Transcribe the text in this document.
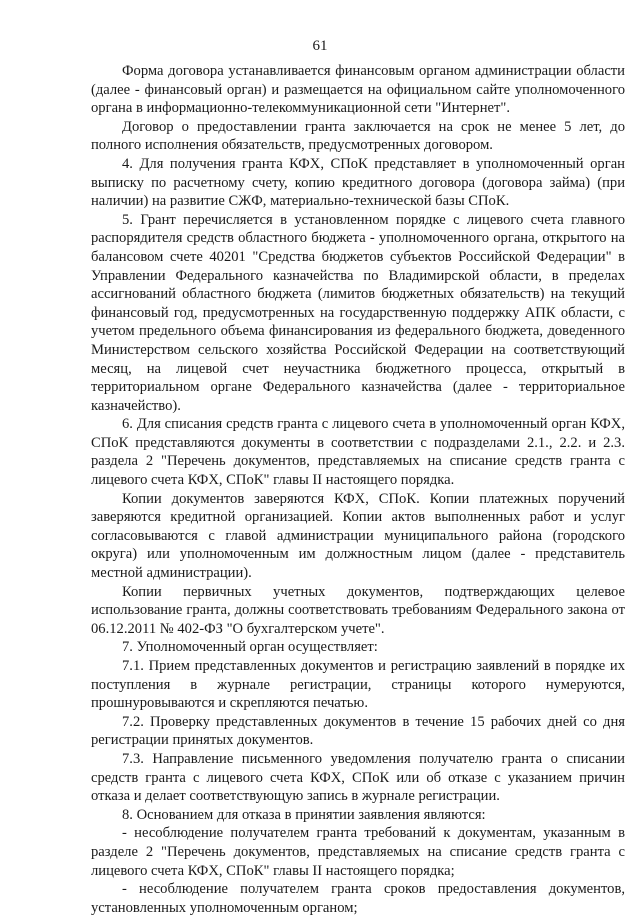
61

Форма договора устанавливается финансовым органом администрации области (далее - финансовый орган) и размещается на официальном сайте уполномоченного органа в информационно-телекоммуникационной сети "Интернет".

Договор о предоставлении гранта заключается на срок не менее 5 лет, до полного исполнения обязательств, предусмотренных договором.

4. Для получения гранта КФХ, СПоК представляет в уполномоченный орган выписку по расчетному счету, копию кредитного договора (договора займа) (при наличии) на развитие СЖФ, материально-технической базы СПоК.

5. Грант перечисляется в установленном порядке с лицевого счета главного распорядителя средств областного бюджета - уполномоченного органа, открытого на балансовом счете 40201 "Средства бюджетов субъектов Российской Федерации" в Управлении Федерального казначейства по Владимирской области, в пределах ассигнований областного бюджета (лимитов бюджетных обязательств) на текущий финансовый год, предусмотренных на государственную поддержку АПК области, с учетом предельного объема финансирования из федерального бюджета, доведенного Министерством сельского хозяйства Российской Федерации на соответствующий месяц, на лицевой счет неучастника бюджетного процесса, открытый в территориальном органе Федерального казначейства (далее - территориальное казначейство).

6. Для списания средств гранта с лицевого счета в уполномоченный орган КФХ, СПоК представляются документы в соответствии с подразделами 2.1., 2.2. и 2.3. раздела 2 "Перечень документов, представляемых на списание средств гранта с лицевого счета КФХ, СПоК" главы II настоящего порядка.

Копии документов заверяются КФХ, СПоК. Копии платежных поручений заверяются кредитной организацией. Копии актов выполненных работ и услуг согласовываются с главой администрации муниципального района (городского округа) или уполномоченным им должностным лицом (далее - представитель местной администрации).

Копии первичных учетных документов, подтверждающих целевое использование гранта, должны соответствовать требованиям Федерального закона от 06.12.2011 № 402-ФЗ "О бухгалтерском учете".

7. Уполномоченный орган осуществляет:

7.1. Прием представленных документов и регистрацию заявлений в порядке их поступления в журнале регистрации, страницы которого нумеруются, прошнуровываются и скрепляются печатью.

7.2. Проверку представленных документов в течение 15 рабочих дней со дня регистрации принятых документов.

7.3. Направление письменного уведомления получателю гранта о списании средств гранта с лицевого счета КФХ, СПоК или об отказе с указанием причин отказа и делает соответствующую запись в журнале регистрации.

8. Основанием для отказа в принятии заявления являются:

- несоблюдение получателем гранта требований к документам, указанным в разделе 2 "Перечень документов, представляемых на списание средств гранта с лицевого счета КФХ, СПоК" главы II настоящего порядка;

- несоблюдение получателем гранта сроков предоставления документов, установленных уполномоченным органом;
